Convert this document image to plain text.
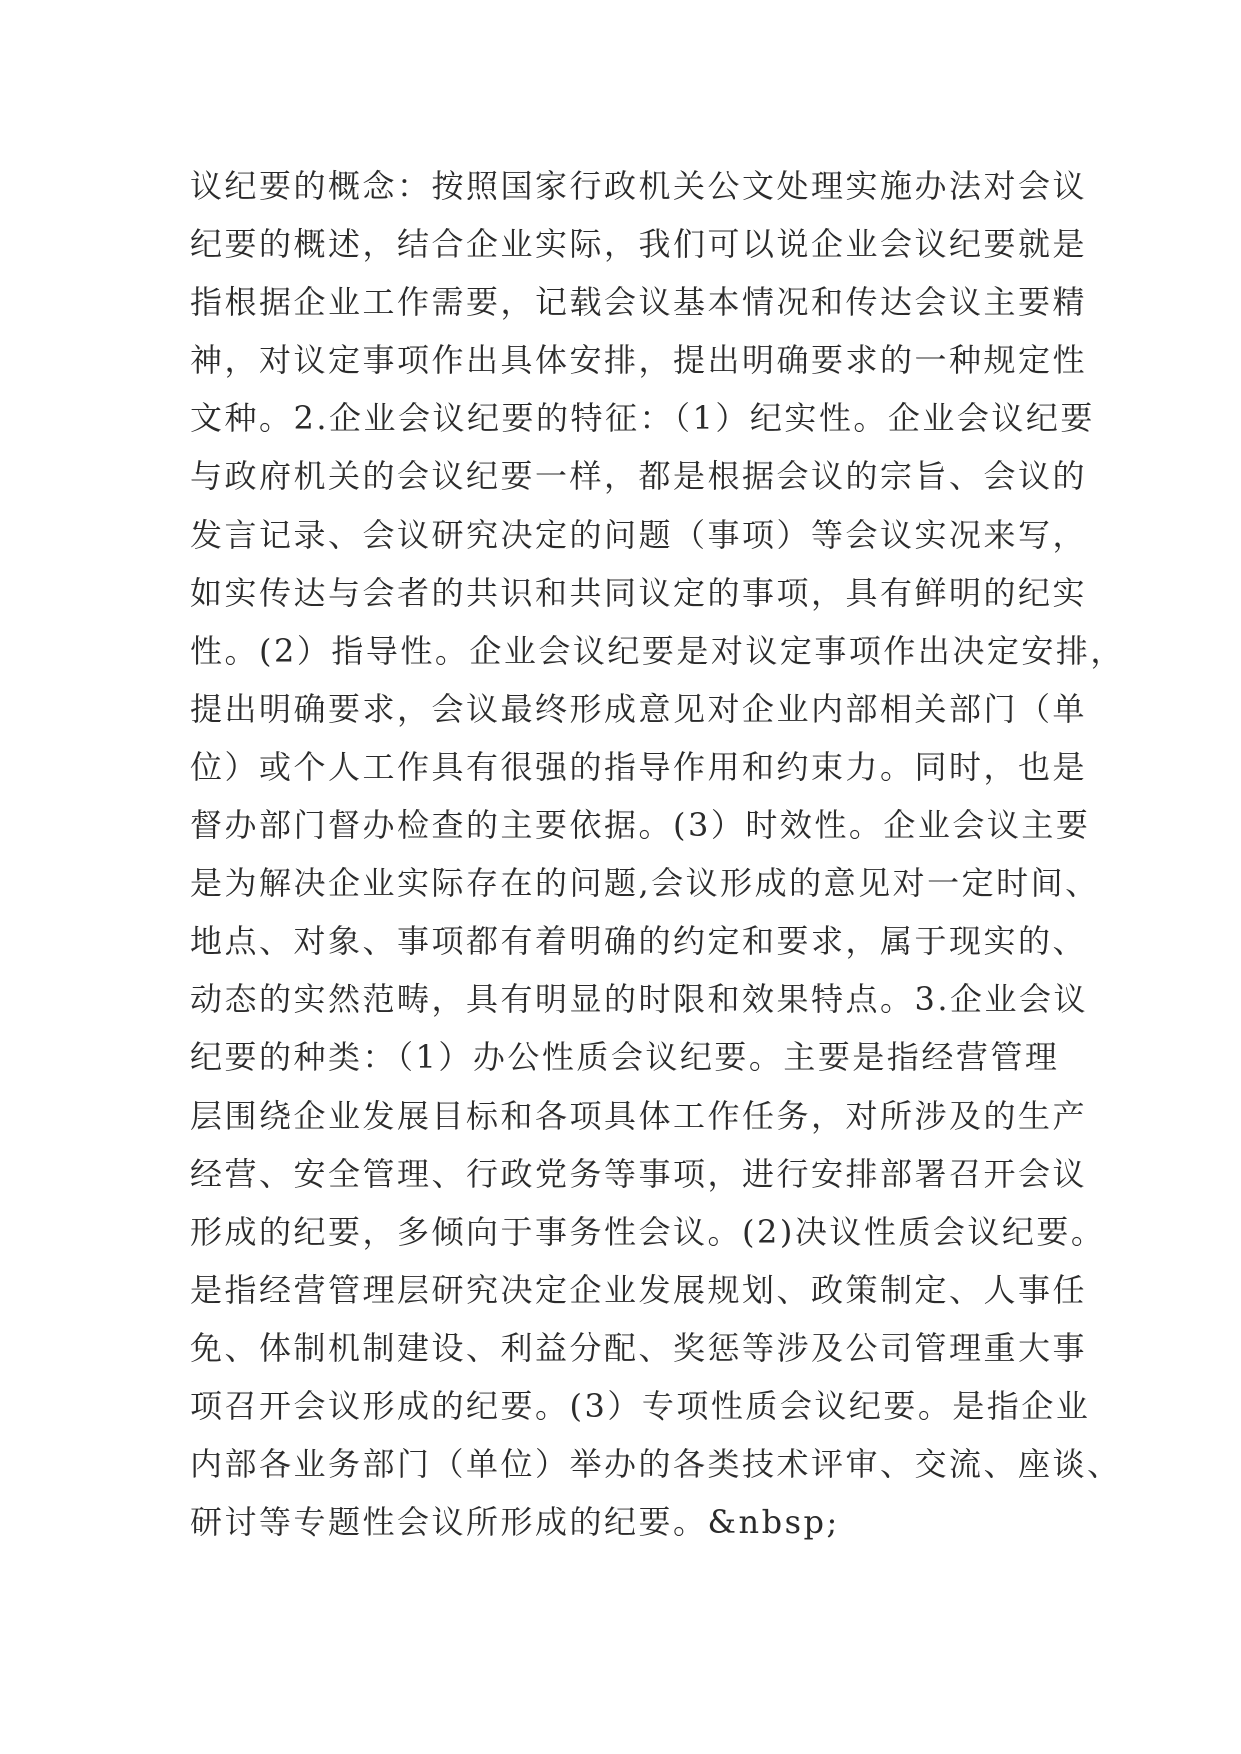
议纪要的概念：按照国家行政机关公文处理实施办法对会议
纪要的概述，结合企业实际，我们可以说企业会议纪要就是
指根据企业工作需要，记载会议基本情况和传达会议主要精
神，对议定事项作出具体安排，提出明确要求的一种规定性
文种。2.企业会议纪要的特征：（1）纪实性。企业会议纪要
与政府机关的会议纪要一样，都是根据会议的宗旨、会议的
发言记录、会议研究决定的问题（事项）等会议实况来写，
如实传达与会者的共识和共同议定的事项，具有鲜明的纪实
性。(2）指导性。企业会议纪要是对议定事项作出决定安排，
提出明确要求，会议最终形成意见对企业内部相关部门（单
位）或个人工作具有很强的指导作用和约束力。同时，也是
督办部门督办检查的主要依据。(3）时效性。企业会议主要
是为解决企业实际存在的问题,会议形成的意见对一定时间、
地点、对象、事项都有着明确的约定和要求，属于现实的、
动态的实然范畴，具有明显的时限和效果特点。3.企业会议
纪要的种类：（1）办公性质会议纪要。主要是指经营管理
层围绕企业发展目标和各项具体工作任务，对所涉及的生产
经营、安全管理、行政党务等事项，进行安排部署召开会议
形成的纪要，多倾向于事务性会议。(2)决议性质会议纪要。
是指经营管理层研究决定企业发展规划、政策制定、人事任
免、体制机制建设、利益分配、奖惩等涉及公司管理重大事
项召开会议形成的纪要。(3）专项性质会议纪要。是指企业
内部各业务部门（单位）举办的各类技术评审、交流、座谈、
研讨等专题性会议所形成的纪要。&nbsp;
